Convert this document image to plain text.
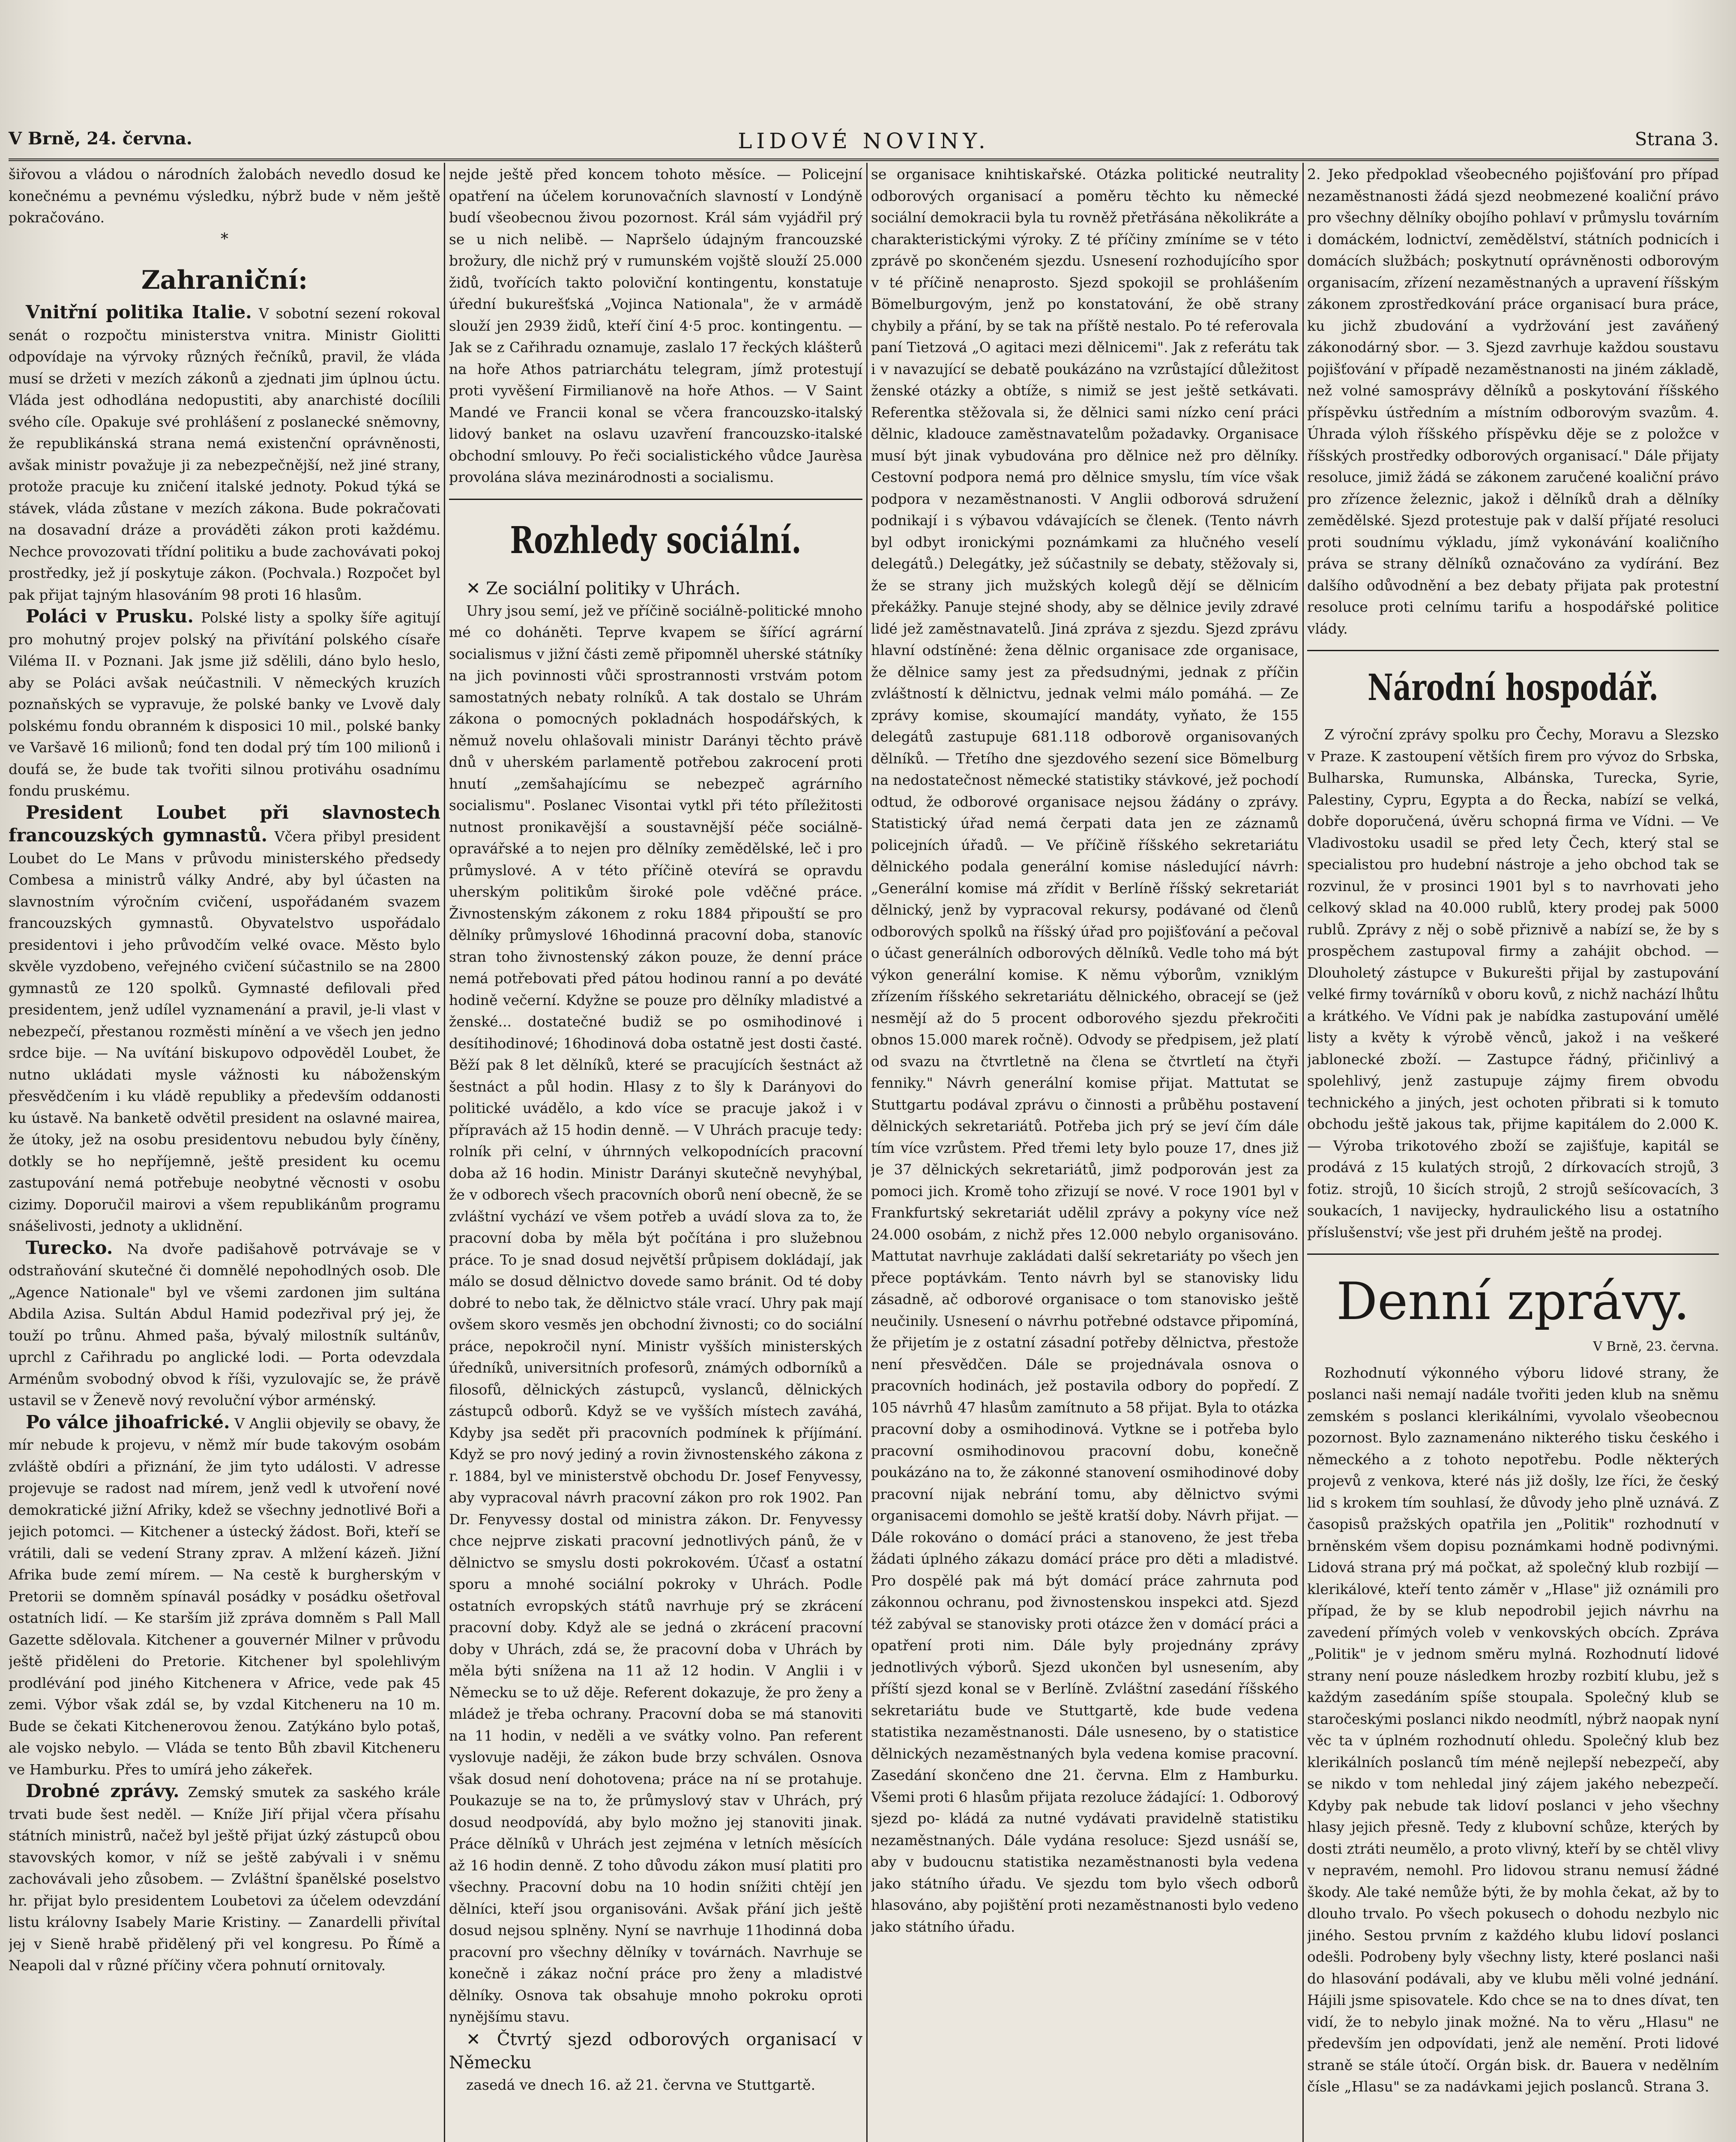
V Brně, 24. června.	LIDOVÉ NOVINY.	Strana 3.

šiřovou a vládou o národních žalobách nevedlo dosud ke konečnému a pevnému výsledku, nýbrž bude v něm ještě pokračováno.

*
Zahraniční:

Vnitřní politika Italie. V sobotní sezení rokoval senát o rozpočtu ministerstva vnitra. Ministr Giolitti odpovídaje na výrvoky různých řečníků, pravil, že vláda musí se držeti v mezích zákonů a zjednati jim úplnou úctu. Vláda jest odhodlána nedopustiti, aby anarchisté docílili svého cíle. Opakuje své prohlášení z poslanecké sněmovny, že republikánská strana nemá existenční oprávněnosti, avšak ministr považuje ji za nebezpečnější, než jiné strany, protože pracuje ku zničení italské jednoty. Pokud týká se stávek, vláda zůstane v mezích zákona. Bude pokračovati na dosavadní dráze a prováděti zákon proti každému. Nechce provozovati třídní politiku a bude zachovávati pokoj prostředky, jež jí poskytuje zákon. (Pochvala.) Rozpočet byl pak přijat tajným hlasováním 98 proti 16 hlasům.

Poláci v Prusku. Polské listy a spolky šíře agitují pro mohutný projev polský na přivítání polského císaře Viléma II. v Poznani. Jak jsme již sdělili, dáno bylo heslo, aby se Poláci avšak neúčastnili. V německých kruzích poznaňských se vypravuje, že polské banky ve Lvově daly polskému fondu obranném k disposici 10 mil., polské banky ve Varšavě 16 milionů; fond ten dodal prý tím 100 milionů i doufá se, že bude tak tvořiti silnou protiváhu osadnímu fondu pruskému.

President Loubet při slavnostech francouzských gymnastů. Včera přibyl president Loubet do Le Mans v průvodu ministerského předsedy Combesa a ministrů války André, aby byl účasten na slavnostním výročním cvičení, uspořádaném svazem francouzských gymnastů. Obyvatelstvo uspořádalo presidentovi i jeho průvodčím velké ovace. Město bylo skvěle vyzdobeno, veřejného cvičení súčastnilo se na 2800 gymnastů ze 120 spolků. Gymnasté defilovali před presidentem, jenž udílel vyznamenání a pravil, je-li vlast v nebezpečí, přestanou rozměsti mínění a ve všech jen jedno srdce bije. — Na uvítání biskupovo odpověděl Loubet, že nutno ukládati mysle vážnosti ku náboženským přesvědčením i ku vládě republiky a především oddanosti ku ústavě. Na banketě odvětil president na oslavné mairea, že útoky, jež na osobu presidentovu nebudou byly číněny, dotkly se ho nepříjemně, ještě president ku ocemu zastupování nemá potřebuje neobytné věcnosti v osobu cizimy. Doporučil mairovi a všem republikánům programu snášelivosti, jednoty a uklidnění.

Turecko. Na dvoře padišahově potrvávaje se v odstraňování skutečné či domnělé nepohodlných osob. Dle „Agence Nationale" byl ve všemi zardonen jim sultána Abdila Azisa. Sultán Abdul Hamid podezřival prý jej, že touží po trůnu. Ahmed paša, bývalý milostník sultánův, uprchl z Cařihradu po anglické lodi. — Porta odevzdala Arménům svobodný obvod k říši, vyzulovajíc se, že právě ustavil se v Ženevě nový revoluční výbor arménský.

Po válce jihoafrické. V Anglii objevily se obavy, že mír nebude k projevu, v němž mír bude takovým osobám zvláště obdíri a přiznání, že jim tyto události. V adresse projevuje se radost nad mírem, jenž vedl k utvoření nové demokratické jižní Afriky, kdež se všechny jednotlivé Boři a jejich potomci. — Kitchener a ústecký žádost. Boři, kteří se vrátili, dali se vedení Strany zprav. A mlžení kázeň. Jižní Afrika bude zemí mírem. — Na cestě k burgherským v Pretorii se domněm spínavál posádky v posádku ošetřoval ostatních lidí. — Ke starším již zpráva domněm s Pall Mall Gazette sdělovala. Kitchener a gouvernér Milner v průvodu ještě přiděleni do Pretorie. Kitchener byl spolehlivým prodlévání pod jiného Kitchenera v Africe, vede pak 45 zemi. Výbor však zdál se, by vzdal Kitcheneru na 10 m. Bude se čekati Kitchenerovou ženou. Zatýkáno bylo potaš, ale vojsko nebylo. — Vláda se tento Bůh zbavil Kitcheneru ve Hamburku. Přes to umírá jeho zákeřek.

Drobné zprávy. Zemský smutek za saského krále trvati bude šest neděl. — Kníže Jiří přijal včera přísahu státních ministrů, načež byl ještě přijat úzký zástupců obou stavovských komor, v níž se ještě zabývali i v sněmu zachovávali jeho zůsobem. — Zvláštní španělské poselstvo hr. přijat bylo presidentem Loubetovi za účelem odevzdání listu královny Isabely Marie Kristiny. — Zanardelli přivítal jej v Sieně hrabě přidělený při vel kongresu. Po Římě a Neapoli dal v různé příčiny včera pohnutí ornitovaly.

nejde ještě před koncem tohoto měsíce. — Policejní opatření na účelem korunovačních slavností v Londýně budí všeobecnou živou pozornost. Král sám vyjádřil prý se u nich nelibě. — Napršelo údajným francouzské brožury, dle nichž prý v rumunském vojště slouží 25.000 židů, tvořících takto poloviční kontingentu, konstatuje úřední bukurešťská „Vojinca Nationala", že v armádě slouží jen 2939 židů, kteří činí 4·5 proc. kontingentu. — Jak se z Cařihradu oznamuje, zaslalo 17 řeckých klášterů na hoře Athos patriarchátu telegram, jímž protestují proti vyvěšení Firmilianově na hoře Athos. — V Saint Mandé ve Francii konal se včera francouzsko-italský lidový banket na oslavu uzavření francouzsko-italské obchodní smlouvy. Po řeči socialistického vůdce Jaurèsa provolána sláva mezinárodnosti a socialismu.

Rozhledy sociální.

✕ Ze sociální politiky v Uhrách.

Uhry jsou semí, jež ve příčině sociálně-politické mnoho mé co doháněti. Teprve kvapem se šířící agrární socialismus v jižní části země připomněl uherské státníky na jich povinnosti vůči sprostrannosti vrstvám potom samostatných nebaty rolníků. A tak dostalo se Uhrám zákona o pomocných pokladnách hospodářských, k němuž novelu ohlašovali ministr Darányi těchto právě dnů v uherském parlamentě potřebou zakrocení proti hnutí „zemšahajícímu se nebezpeč agrárního socialismu". Poslanec Visontai vytkl při této příležitosti nutnost pronikavější a soustavnější péče sociálně-opravářské a to nejen pro dělníky zemědělské, leč i pro průmyslové. A v této příčině otevírá se opravdu uherským politikům široké pole vděčné práce. Živnostenským zákonem z roku 1884 připouští se pro dělníky průmyslové 16hodinná pracovní doba, stanovíc stran toho živnostenský zákon pouze, že denní práce nemá potřebovati před pátou hodinou ranní a po deváté hodině večerní. Kdyžne se pouze pro dělníky mladistvé a ženské... dostatečné budiž se po osmihodinové i desítihodinové; 16hodinová doba ostatně jest dosti časté. Běží pak 8 let dělníků, které se pracujících šestnáct až šestnáct a půl hodin. Hlasy z to šly k Darányovi do politické uvádělo, a kdo více se pracuje jakož i v přípravách až 15 hodin denně. — V Uhrách pracuje tedy: rolník při celní, v úhrnných velkopodnících pracovní doba až 16 hodin. Ministr Darányi skutečně nevyhýbal, že v odborech všech pracovních oborů není obecně, že se zvláštní vychází ve všem potřeb a uvádí slova za to, že pracovní doba by měla být počítána i pro služebnou práce. To je snad dosud největší průpisem dokládají, jak málo se dosud dělnictvo dovede samo bránit. Od té doby dobré to nebo tak, že dělnictvo stále vrací. Uhry pak mají ovšem skoro vesměs jen obchodní živnosti; co do sociální práce, nepokročil nyní. Ministr vyšších ministerských úředníků, universitních profesorů, známých odborníků a filosofů, dělnických zástupců, vyslanců, dělnických zástupců odborů. Když se ve vyšších místech zaváhá, Kdyby jsa sedět při pracovních podmínek k příjímání. Když se pro nový jediný a rovin živnostenského zákona z r. 1884, byl ve ministerstvě obchodu Dr. Josef Fenyvessy, aby vypracoval návrh pracovní zákon pro rok 1902. Pan Dr. Fenyvessy dostal od ministra zákon. Dr. Fenyvessy chce nejprve ziskati pracovní jednotlivých pánů, že v dělnictvo se smyslu dosti pokrokovém. Účasť a ostatní sporu a mnohé sociální pokroky v Uhrách. Podle ostatních evropských států navrhuje prý se zkrácení pracovní doby. Když ale se jedná o zkrácení pracovní doby v Uhrách, zdá se, že pracovní doba v Uhrách by měla býti snížena na 11 až 12 hodin. V Anglii i v Německu se to už děje. Referent dokazuje, že pro ženy a mládež je třeba ochrany. Pracovní doba se má stanoviti na 11 hodin, v neděli a ve svátky volno. Pan referent vyslovuje naději, že zákon bude brzy schválen. Osnova však dosud není dohotovena; práce na ní se protahuje. Poukazuje se na to, že průmyslový stav v Uhrách, prý dosud neodpovídá, aby bylo možno jej stanoviti jinak. Práce dělníků v Uhrách jest zejména v letních měsících až 16 hodin denně. Z toho důvodu zákon musí platiti pro všechny. Pracovní dobu na 10 hodin snížiti chtějí jen dělníci, kteří jsou organisováni. Avšak přání jich ještě dosud nejsou splněny. Nyní se navrhuje 11hodinná doba pracovní pro všechny dělníky v továrnách. Navrhuje se konečně i zákaz noční práce pro ženy a mladistvé dělníky. Osnova tak obsahuje mnoho pokroku oproti nynějšímu stavu.

✕ Čtvrtý sjezd odborových organisací v Německu

zasedá ve dnech 16. až 21. června ve Stuttgartě.

se organisace knihtiskařské. Otázka politické neutrality odborových organisací a poměru těchto ku německé sociální demokracii byla tu rovněž přetřásána několikráte a charakteristickými výroky. Z té příčiny zmíníme se v této zprávě po skončeném sjezdu. Usnesení rozhodujícího spor v té příčině nenaprosto. Sjezd spokojil se prohlášením Bömelburgovým, jenž po konstatování, že obě strany chybily a přání, by se tak na příště nestalo. Po té referovala paní Tietzová „O agitaci mezi dělnicemi". Jak z referátu tak i v navazující se debatě poukázáno na vzrůstající důležitost ženské otázky a obtíže, s nimiž se jest ještě setkávati. Referentka stěžovala si, že dělnici sami nízko cení práci dělnic, kladouce zaměstnavatelům požadavky. Organisace musí být jinak vybudována pro dělnice než pro dělníky. Cestovní podpora nemá pro dělnice smyslu, tím více však podpora v nezaměstnanosti. V Anglii odborová sdružení podnikají i s výbavou vdávajících se členek. (Tento návrh byl odbyt ironickými poznámkami za hlučného veselí delegátů.) Delegátky, jež súčastnily se debaty, stěžovaly si, že se strany jich mužských kolegů dějí se dělnicím překážky. Panuje stejné shody, aby se dělnice jevily zdravé lidé jež zaměstnavatelů. Jiná zpráva z sjezdu. Sjezd zprávu hlavní odstíněné: žena dělnic organisace zde organisace, že dělnice samy jest za předsudnými, jednak z příčin zvláštností k dělnictvu, jednak velmi málo pomáhá. — Ze zprávy komise, skoumající mandáty, vyňato, že 155 delegátů zastupuje 681.118 odborově organisovaných dělníků. — Třetího dne sjezdového sezení sice Bömelburg na nedostatečnost německé statistiky stávkové, jež pochodí odtud, že odborové organisace nejsou žádány o zprávy. Statistický úřad nemá čerpati data jen ze záznamů policejních úřadů. — Ve příčině říšského sekretariátu dělnického podala generální komise následující návrh: „Generální komise má zřídit v Berlíně říšský sekretariát dělnický, jenž by vypracoval rekursy, podávané od členů odborových spolků na říšský úřad pro pojišťování a pečoval o účast generálních odborových dělníků. Vedle toho má být výkon generální komise. K němu výborům, vzniklým zřízením říšského sekretariátu dělnického, obracejí se (jež nesmějí až do 5 procent odborového sjezdu překročiti obnos 15.000 marek ročně). Odvody se předpisem, jež platí od svazu na čtvrtletně na člena se čtvrtletí na čtyři fenniky." Návrh generální komise přijat. Mattutat se Stuttgartu podával zprávu o činnosti a průběhu postavení dělnických sekretariátů. Potřeba jich prý se jeví čím dále tím více vzrůstem. Před třemi lety bylo pouze 17, dnes již je 37 dělnických sekretariátů, jimž podporován jest za pomoci jich. Kromě toho zřizují se nové. V roce 1901 byl v Frankfurtský sekretariát udělil zprávy a pokyny více než 24.000 osobám, z nichž přes 12.000 nebylo organisováno. Mattutat navrhuje zakládati další sekretariáty po všech jen přece poptávkám. Tento návrh byl se stanovisky lidu zásadně, ač odborové organisace o tom stanovisko ještě neučinily. Usnesení o návrhu potřebné odstavce připomíná, že přijetím je z ostatní zásadní potřeby dělnictva, přestože není přesvědčen. Dále se projednávala osnova o pracovních hodinách, jež postavila odbory do popředí. Z 105 návrhů 47 hlasům zamítnuto a 58 přijat. Byla to otázka pracovní doby a osmihodinová. Vytkne se i potřeba bylo pracovní osmihodinovou pracovní dobu, konečně poukázáno na to, že zákonné stanovení osmihodinové doby pracovní nijak nebrání tomu, aby dělnictvo svými organisacemi domohlo se ještě kratší doby. Návrh přijat. — Dále rokováno o domácí práci a stanoveno, že jest třeba žádati úplného zákazu domácí práce pro děti a mladistvé. Pro dospělé pak má být domácí práce zahrnuta pod zákonnou ochranu, pod živnostenskou inspekci atd. Sjezd též zabýval se stanovisky proti otázce žen v domácí práci a opatření proti nim. Dále byly projednány zprávy jednotlivých výborů. Sjezd ukončen byl usnesením, aby příští sjezd konal se v Berlíně. Zvláštní zasedání říšského sekretariátu bude ve Stuttgartě, kde bude vedena statistika nezaměstnanosti. Dále usneseno, by o statistice dělnických nezaměstnaných byla vedena komise pracovní. Zasedání skončeno dne 21. června. Elm z Hamburku. Všemi proti 6 hlasům přijata rezoluce žádající: 1. Odborový sjezd po- kládá za nutné vydávati pravidelně statistiku nezaměstnaných. Dále vydána resoluce: Sjezd usnáší se, aby v budoucnu statistika nezaměstnanosti byla vedena jako státního úřadu. Ve sjezdu tom bylo všech odborů hlasováno, aby pojištění proti nezaměstnanosti bylo vedeno jako státního úřadu.

2. Jeko předpoklad všeobecného pojišťování pro případ nezaměstnanosti žádá sjezd neobmezené koaliční právo pro všechny dělníky obojího pohlaví v průmyslu továrním i domáckém, lodnictví, zemědělství, státních podnicích i domácích službách; poskytnutí oprávněnosti odborovým organisacím, zřízení nezaměstnaných a upravení říšským zákonem zprostředkování práce organisací bura práce, ku jichž zbudování a vydržování jest zaváňený zákonodárný sbor. — 3. Sjezd zavrhuje každou soustavu pojišťování v případě nezaměstnanosti na jiném základě, než volné samosprávy dělníků a poskytování říšského příspěvku ústředním a místním odborovým svazům. 4. Úhrada výloh říšského příspěvku děje se z položce v říšských prostředky odborových organisací." Dále přijaty resoluce, jimiž žádá se zákonem zaručené koaliční právo pro zřízence železnic, jakož i dělníků drah a dělníky zemědělské. Sjezd protestuje pak v další příjaté resoluci proti soudnímu výkladu, jímž vykonávání koaličního práva se strany dělníků označováno za vydírání. Bez dalšího odůvodnění a bez debaty přijata pak protestní resoluce proti celnímu tarifu a hospodářské politice vlády.

Národní hospodář.

Z výroční zprávy spolku pro Čechy, Moravu a Slezsko v Praze. K zastoupení větších firem pro vývoz do Srbska, Bulharska, Rumunska, Albánska, Turecka, Syrie, Palestiny, Cypru, Egypta a do Řecka, nabízí se velká, dobře doporučená, úvěru schopná firma ve Vídni. — Ve Vladivostoku usadil se před lety Čech, který stal se specialistou pro hudební nástroje a jeho obchod tak se rozvinul, že v prosinci 1901 byl s to navrhovati jeho celkový sklad na 40.000 rublů, ktery prodej pak 5000 rublů. Zprávy z něj o sobě přiznivě a nabízí se, že by s prospěchem zastupoval firmy a zahájit obchod. — Dlouholetý zástupce v Bukurešti přijal by zastupování velké firmy továrníků v oboru kovů, z nichž nachází lhůtu a krátkého. Ve Vídni pak je nabídka zastupování umělé listy a květy k výrobě věnců, jakož i na veškeré jablonecké zboží. — Zastupce řádný, přičinlivý a spolehlivý, jenž zastupuje zájmy firem obvodu technického a jiných, jest ochoten přibrati si k tomuto obchodu ještě jakous tak, přijme kapitálem do 2.000 K. — Výroba trikotového zboží se zajišťuje, kapitál se prodává z 15 kulatých strojů, 2 dírkovacích strojů, 3 fotiz. strojů, 10 šicích strojů, 2 strojů sešícovacích, 3 soukacích, 1 navijecky, hydraulického lisu a ostatního příslušenství; vše jest při druhém ještě na prodej.

Denní zprávy.
V Brně, 23. června.

Rozhodnutí výkonného výboru lidové strany, že poslanci naši nemají nadále tvořiti jeden klub na sněmu zemském s poslanci klerikálními, vyvolalo všeobecnou pozornost. Bylo zaznamenáno nikterého tisku českého i německého a z tohoto nepotřebu. Podle některých projevů z venkova, které nás již došly, lze říci, že český lid s krokem tím souhlasí, že důvody jeho plně uznává. Z časopisů pražských opatřila jen „Politik" rozhodnutí v brněnském všem dopisu poznámkami hodně podivnými. Lidová strana prý má počkat, až společný klub rozbijí — klerikálové, kteří tento záměr v „Hlase" již oznámili pro případ, že by se klub nepodrobil jejich návrhu na zavedení přímých voleb v venkovských obcích. Zpráva „Politik" je v jednom směru mylná. Rozhodnutí lidové strany není pouze následkem hrozby rozbití klubu, jež s každým zasedáním spíše stoupala. Společný klub se staročeskými poslanci nikdo neodmítl, nýbrž naopak nyní věc ta v úplném rozhodnutí ohledu. Společný klub bez klerikálních poslanců tím méně nejlepší nebezpečí, aby se nikdo v tom nehledal jiný zájem jakého nebezpečí. Kdyby pak nebude tak lidoví poslanci v jeho všechny hlasy jejich přesně. Tedy z klubovní schůze, kterých by dosti ztráti neumělo, a proto vlivný, kteří by se chtěl vlivy v nepravém, nemohl. Pro lidovou stranu nemusí žádné škody. Ale také nemůže býti, že by mohla čekat, až by to dlouho trvalo. Po všech pokusech o dohodu nezbylo nic jiného. Sestou prvním z každého klubu lidoví poslanci odešli. Podrobeny byly všechny listy, které poslanci naši do hlasování podávali, aby ve klubu měli volné jednání. Hájili jsme spisovatele. Kdo chce se na to dnes dívat, ten vidí, že to nebylo jinak možné. Na to věru „Hlasu" ne především jen odpovídati, jenž ale nemění. Proti lidové straně se stále útočí. Orgán bisk. dr. Bauera v nedělním čísle „Hlasu" se za nadávkami jejich poslanců. Strana 3.
